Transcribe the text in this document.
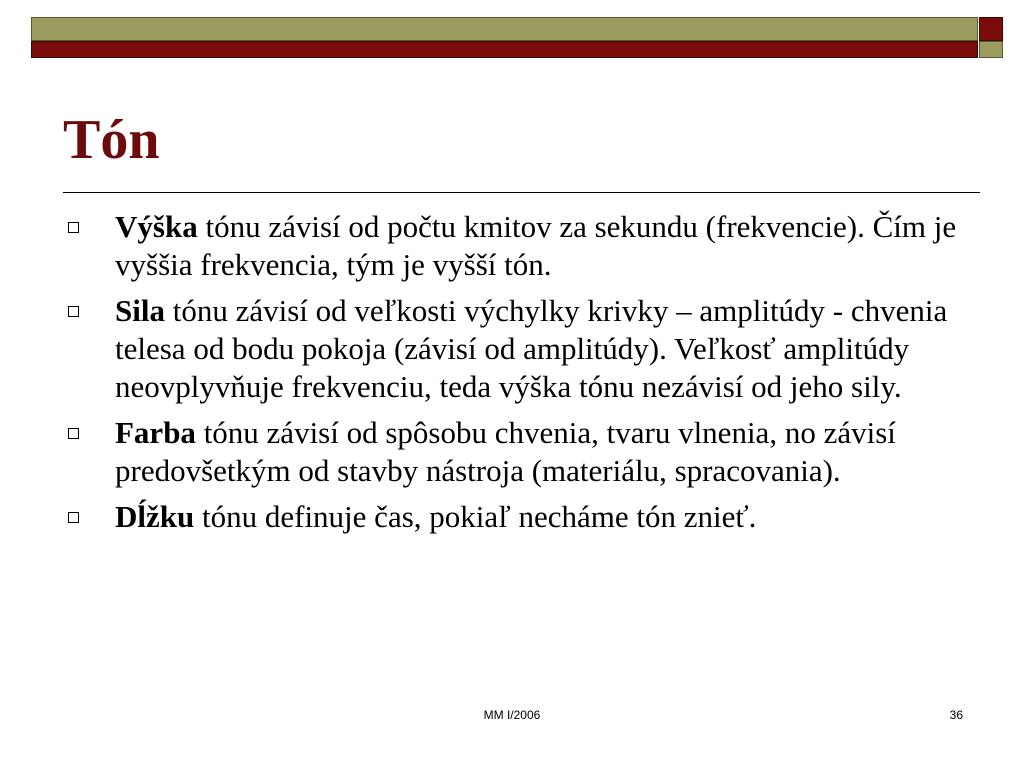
Tón
Výška tónu závisí od počtu kmitov za sekundu (frekvencie). Čím je vyššia frekvencia, tým je vyšší tón.
Sila tónu závisí od veľkosti výchylky krivky – amplitúdy - chvenia telesa od bodu pokoja (závisí od amplitúdy). Veľkosť amplitúdy neovplyvňuje frekvenciu, teda výška tónu nezávisí od jeho sily.
Farba tónu závisí od spôsobu chvenia, tvaru vlnenia, no závisí predovšetkým od stavby nástroja (materiálu, spracovania).
Dĺžku tónu definuje čas, pokiaľ necháme tón znieť.
MM I/2006	36
